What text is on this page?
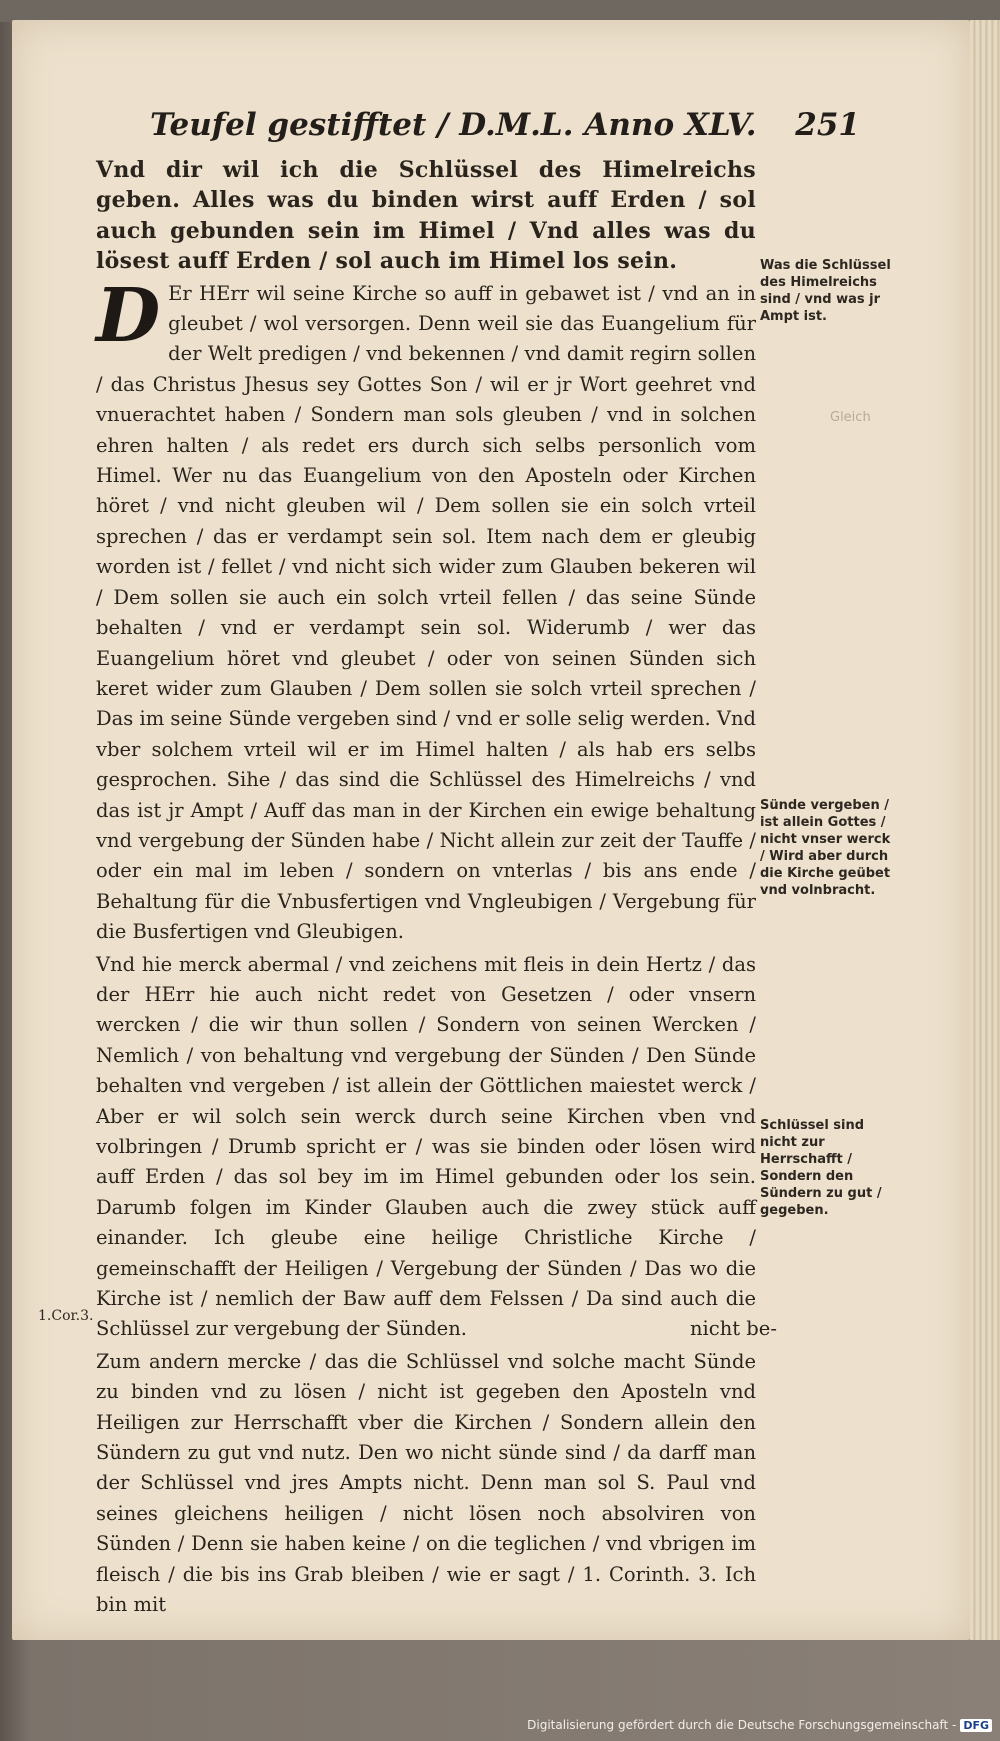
Teufel gestifftet / D.M.L. Anno XLV. 251

Vnd dir wil ich die Schlüssel des Himelreichs geben. Alles was du binden wirst auff Erden / sol auch gebunden sein im Himel / Vnd alles was du lösest auff Erden / sol auch im Himel los sein.

D Er HErr wil seine Kirche so auff in gebawet ist / vnd an in gleubet / wol versorgen. Denn weil sie das Euangelium für der Welt predigen / vnd bekennen / vnd damit regirn sollen / das Christus Jhesus sey Gottes Son / wil er jr Wort geehret vnd vnuerachtet haben / Sondern man sols gleuben / vnd in solchen ehren halten / als redet ers durch sich selbs personlich vom Himel. Wer nu das Euangelium von den Aposteln oder Kirchen höret / vnd nicht gleuben wil / Dem sollen sie ein solch vrteil sprechen / das er verdampt sein sol. Item nach dem er gleubig worden ist / fellet / vnd nicht sich wider zum Glauben bekeren wil / Dem sollen sie auch ein solch vrteil fellen / das seine Sünde behalten / vnd er verdampt sein sol. Widerumb / wer das Euangelium höret vnd gleubet / oder von seinen Sünden sich keret wider zum Glauben / Dem sollen sie solch vrteil sprechen / Das im seine Sünde vergeben sind / vnd er solle selig werden. Vnd vber solchem vrteil wil er im Himel halten / als hab ers selbs gesprochen. Sihe / das sind die Schlüssel des Himelreichs / vnd das ist jr Ampt / Auff das man in der Kirchen ein ewige behaltung vnd vergebung der Sünden habe / Nicht allein zur zeit der Tauffe / oder ein mal im leben / sondern on vnterlas / bis ans ende / Behaltung für die Vnbusfertigen vnd Vngleubigen / Vergebung für die Busfertigen vnd Gleubigen.

Vnd hie merck abermal / vnd zeichens mit fleis in dein Hertz / das der HErr hie auch nicht redet von Gesetzen / oder vnsern wercken / die wir thun sollen / Sondern von seinen Wercken / Nemlich / von behaltung vnd vergebung der Sünden / Den Sünde behalten vnd vergeben / ist allein der Göttlichen maiestet werck / Aber er wil solch sein werck durch seine Kirchen vben vnd volbringen / Drumb spricht er / was sie binden oder lösen wird auff Erden / das sol bey im im Himel gebunden oder los sein. Darumb folgen im Kinder Glauben auch die zwey stück auff einander. Ich gleube eine heilige Christliche Kirche / gemeinschafft der Heiligen / Vergebung der Sünden / Das wo die Kirche ist / nemlich der Baw auff dem Felssen / Da sind auch die Schlüssel zur vergebung der Sünden.

Zum andern mercke / das die Schlüssel vnd solche macht Sünde zu binden vnd zu lösen / nicht ist gegeben den Aposteln vnd Heiligen zur Herrschafft vber die Kirchen / Sondern allein den Sündern zu gut vnd nutz. Den wo nicht sünde sind / da darff man der Schlüssel vnd jres Ampts nicht. Denn man sol S. Paul vnd seines gleichens heiligen / nicht lösen noch absolviren von Sünden / Denn sie haben keine / on die teglichen / vnd vbrigen im fleisch / die bis ins Grab bleiben / wie er sagt / 1. Corinth. 3. Ich bin mit

nicht be-
Was die Schlüssel des Himelreichs sind / vnd was jr Ampt ist.
Sünde vergeben / ist allein Gottes / nicht vnser werck / Wird aber durch die Kirche geübet vnd volnbracht.
Schlüssel sind nicht zur Herrschafft / Sondern den Sündern zu gut / gegeben.
1.Cor.3.
Gleich
Digitalisierung gefördert durch die Deutsche Forschungsgemeinschaft - DFG
